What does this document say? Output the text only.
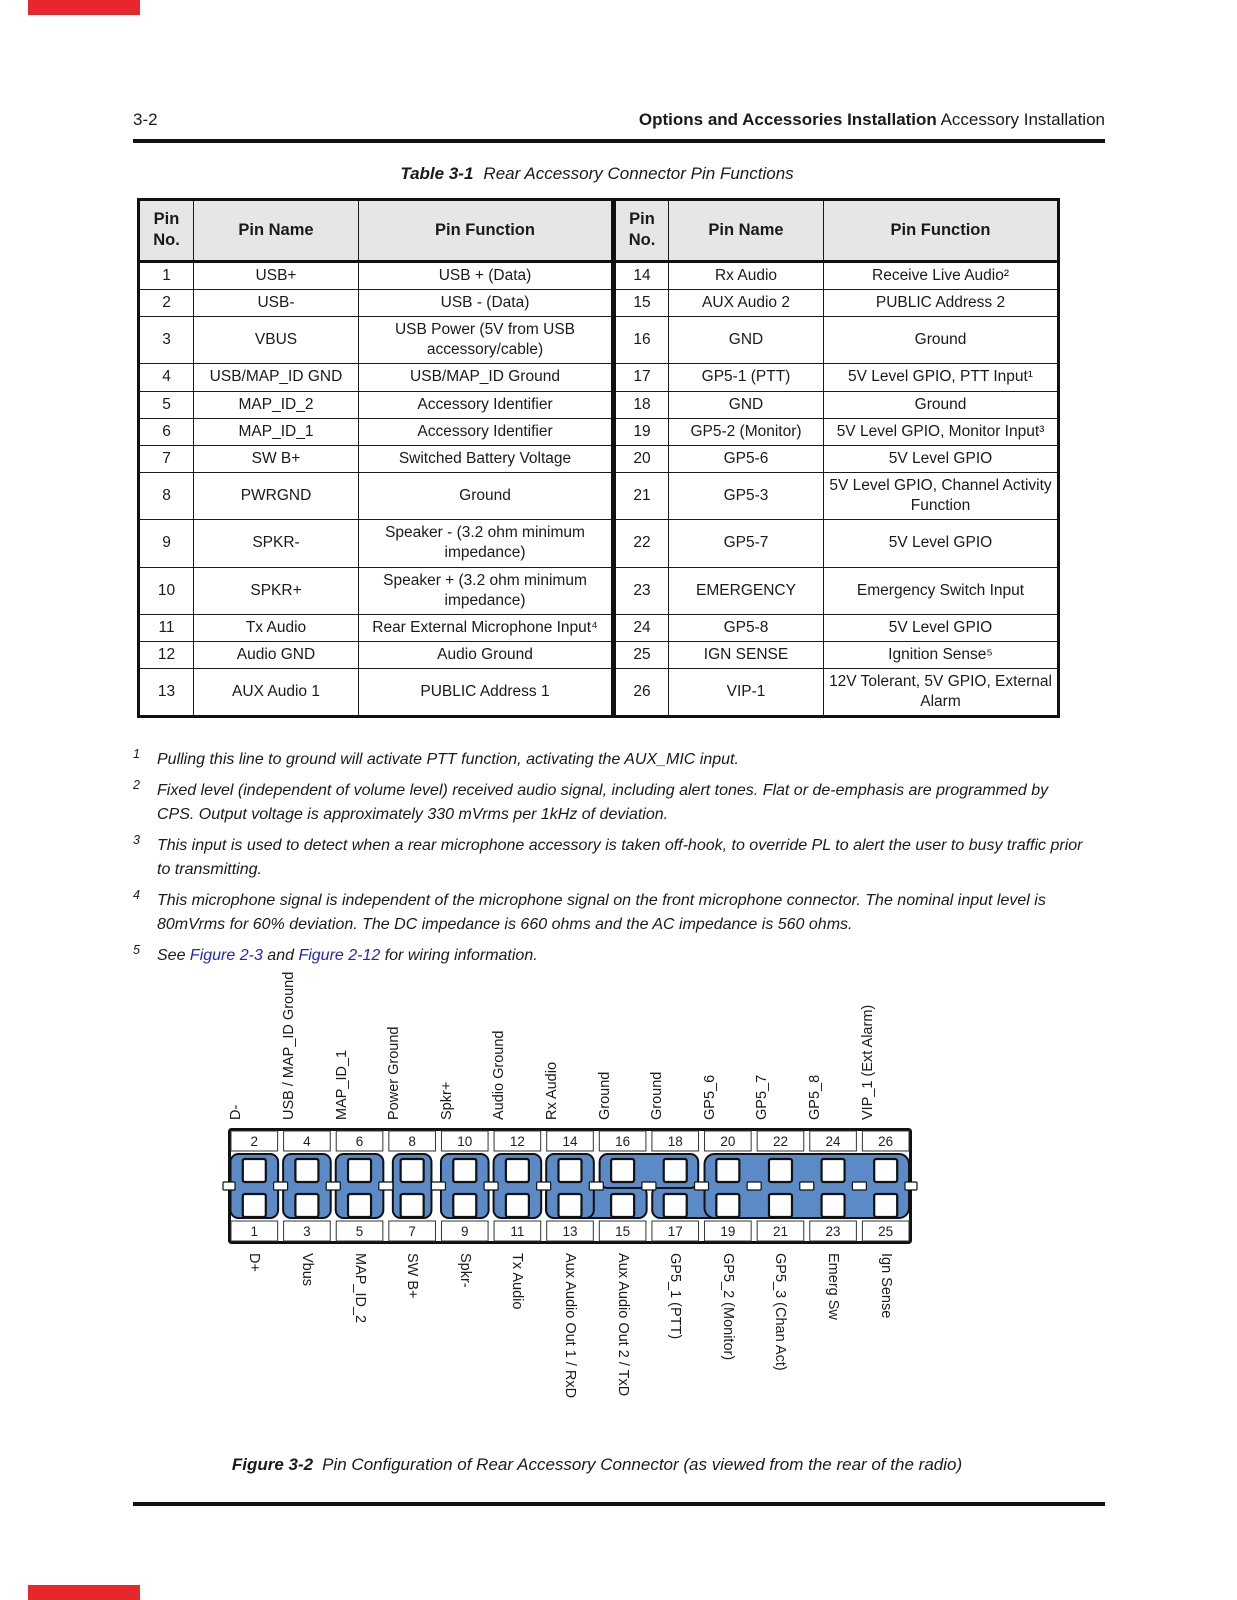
3-2	Options and Accessories Installation Accessory Installation
Table 3-1 Rear Accessory Connector Pin Functions
Pin No.	Pin Name	Pin Function	Pin No.	Pin Name	Pin Function
1	USB+	USB + (Data)	14	Rx Audio	Receive Live Audio²
2	USB-	USB - (Data)	15	AUX Audio 2	PUBLIC Address 2
3	VBUS	USB Power (5V from USB accessory/cable)	16	GND	Ground
4	USB/MAP_ID GND	USB/MAP_ID Ground	17	GP5-1 (PTT)	5V Level GPIO, PTT Input¹
5	MAP_ID_2	Accessory Identifier	18	GND	Ground
6	MAP_ID_1	Accessory Identifier	19	GP5-2 (Monitor)	5V Level GPIO, Monitor Input³
7	SW B+	Switched Battery Voltage	20	GP5-6	5V Level GPIO
8	PWRGND	Ground	21	GP5-3	5V Level GPIO, Channel Activity Function
9	SPKR-	Speaker - (3.2 ohm minimum impedance)	22	GP5-7	5V Level GPIO
10	SPKR+	Speaker + (3.2 ohm minimum impedance)	23	EMERGENCY	Emergency Switch Input
11	Tx Audio	Rear External Microphone Input⁴	24	GP5-8	5V Level GPIO
12	Audio GND	Audio Ground	25	IGN SENSE	Ignition Sense⁵
13	AUX Audio 1	PUBLIC Address 1	26	VIP-1	12V Tolerant, 5V GPIO, External Alarm
1	Pulling this line to ground will activate PTT function, activating the AUX_MIC input.
2	Fixed level (independent of volume level) received audio signal, including alert tones. Flat or de-emphasis are programmed by CPS. Output voltage is approximately 330 mVrms per 1kHz of deviation.
3	This input is used to detect when a rear microphone accessory is taken off-hook, to override PL to alert the user to busy traffic prior to transmitting.
4	This microphone signal is independent of the microphone signal on the front microphone connector. The nominal input level is 80mVrms for 60% deviation. The DC impedance is 660 ohms and the AC impedance is 560 ohms.
5	See Figure 2-3 and Figure 2-12 for wiring information.
2
1
4
3
6
5
8
7
10
9
12
11
14
13
16
15
18
17
20
19
22
21
24
23
26
25
D-
D+
USB / MAP_ID Ground
Vbus
MAP_ID_1
MAP_ID_2
Power Ground
SW B+
Spkr+
Spkr-
Audio Ground
Tx Audio
Rx Audio
Aux Audio Out 1 / RxD
Ground
Aux Audio Out 2 / TxD
Ground
GP5_1 (PTT)
GP5_6
GP5_2 (Monitor)
GP5_7
GP5_3 (Chan Act)
GP5_8
Emerg Sw
VIP_1 (Ext Alarm)
Ign Sense
Figure 3-2 Pin Configuration of Rear Accessory Connector (as viewed from the rear of the radio)
